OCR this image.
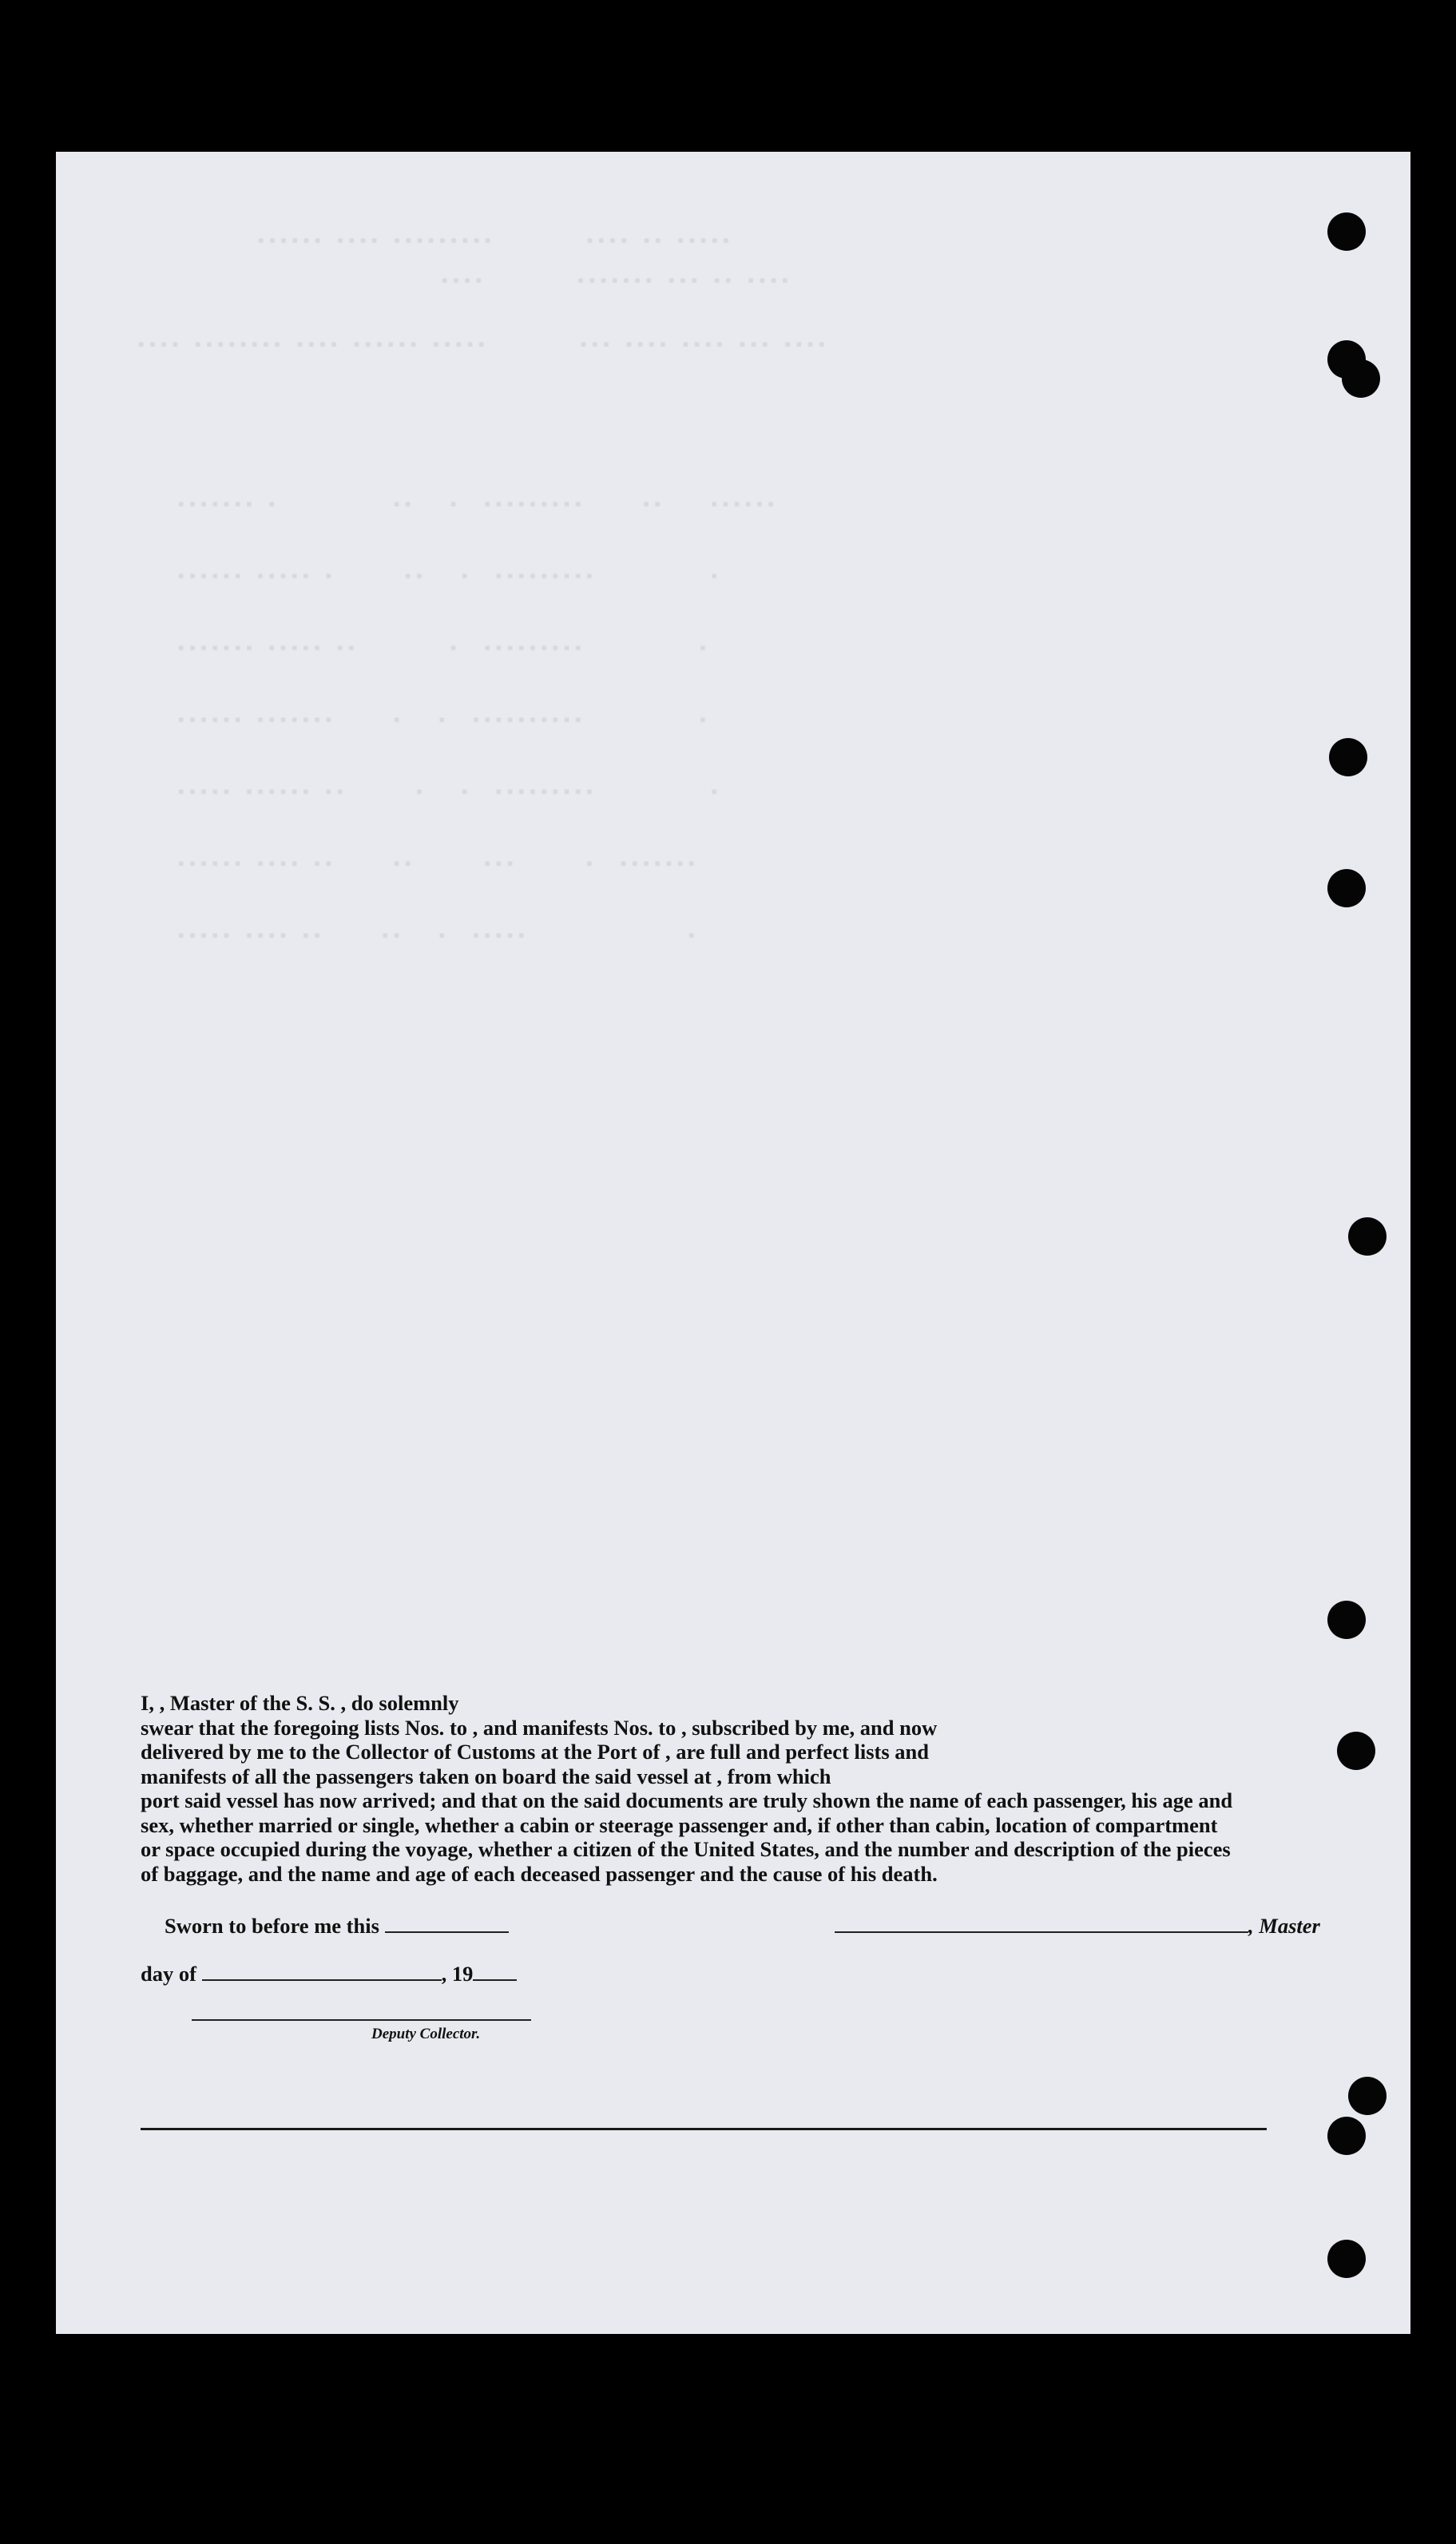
▪▪▪▪▪▪ ▪▪▪▪ ▪▪▪▪▪▪▪▪▪        ▪▪▪▪ ▪▪ ▪▪▪▪▪
▪▪▪▪        ▪▪▪▪▪▪▪ ▪▪▪ ▪▪ ▪▪▪▪
▪▪▪▪ ▪▪▪▪▪▪▪▪ ▪▪▪▪ ▪▪▪▪▪▪ ▪▪▪▪▪        ▪▪▪ ▪▪▪▪ ▪▪▪▪ ▪▪▪ ▪▪▪▪
▪▪▪▪▪▪▪ ▪          ▪▪   ▪  ▪▪▪▪▪▪▪▪▪     ▪▪    ▪▪▪▪▪▪
▪▪▪▪▪▪ ▪▪▪▪▪ ▪      ▪▪   ▪  ▪▪▪▪▪▪▪▪▪          ▪
▪▪▪▪▪▪▪ ▪▪▪▪▪ ▪▪        ▪  ▪▪▪▪▪▪▪▪▪          ▪
▪▪▪▪▪▪ ▪▪▪▪▪▪▪     ▪   ▪  ▪▪▪▪▪▪▪▪▪▪          ▪
▪▪▪▪▪ ▪▪▪▪▪▪ ▪▪      ▪   ▪  ▪▪▪▪▪▪▪▪▪          ▪
▪▪▪▪▪▪ ▪▪▪▪ ▪▪     ▪▪      ▪▪▪      ▪  ▪▪▪▪▪▪▪
▪▪▪▪▪ ▪▪▪▪ ▪▪     ▪▪   ▪  ▪▪▪▪▪              ▪
I, , Master of the S. S. , do solemnly
swear that the foregoing lists Nos. to , and manifests Nos. to , subscribed by me, and now
delivered by me to the Collector of Customs at the Port of , are full and perfect lists and
manifests of all the passengers taken on board the said vessel at , from which
port said vessel has now arrived; and that on the said documents are truly shown the name of each passenger, his age and
sex, whether married or single, whether a cabin or steerage passenger and, if other than cabin, location of compartment
or space occupied during the voyage, whether a citizen of the United States, and the number and description of the pieces
of baggage, and the name and age of each deceased passenger and the cause of his death.
Sworn to before me this	, Master
day of	, 19
Deputy Collector.
